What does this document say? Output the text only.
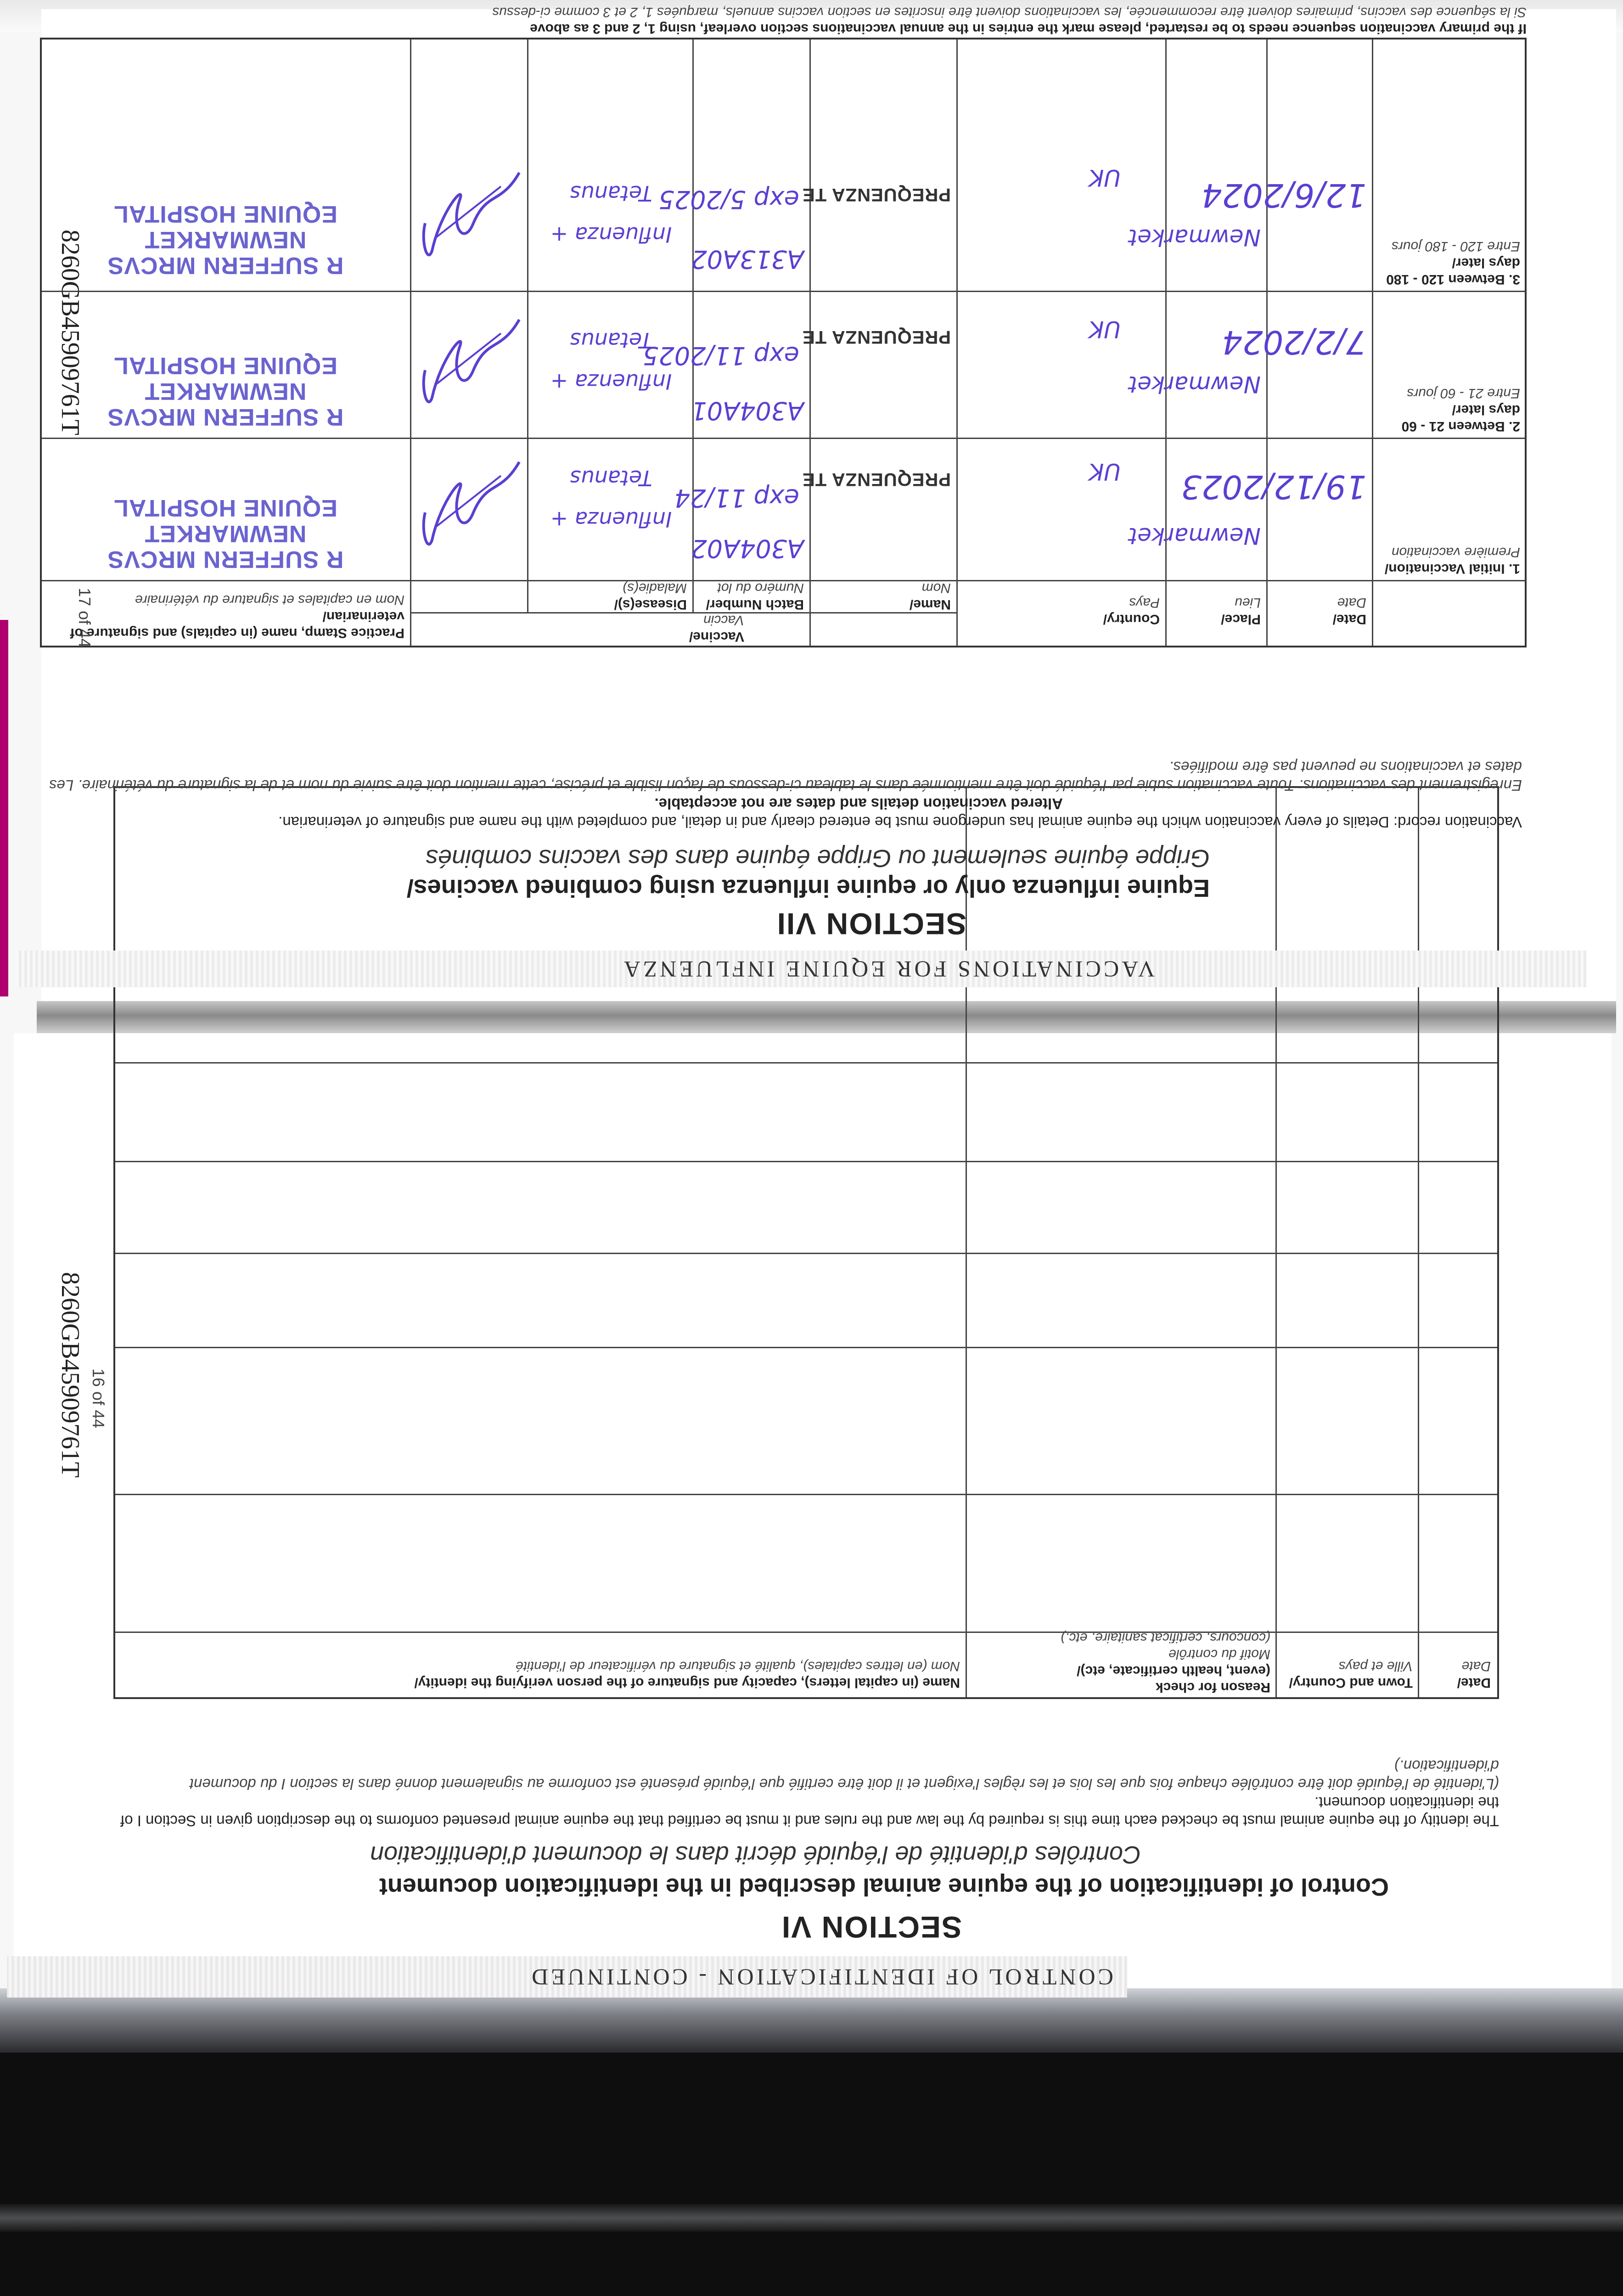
CONTROL OF IDENTIFICATION - CONTINUED
SECTION VI
Control of identification of the equine animal described in the identification document
Contrôles d'identité de l'équidé décrit dans le document d'identification
The identity of the equine animal must be checked each time this is required by the law and the rules and it must be certified that the equine animal presented conforms to the description given in Section I of the identification document.
(L'identité de l'équidé doit être contrôlée chaque fois que les lois et les règles l'exigent et il doit être certifié que l'équidé présenté est conforme au signalement donné dans la section I du document d'identification.)
Date/
Date
Town and Country/
Ville et pays
Reason for check
(event, health certificate, etc)/
Motif du contrôle
(concours, certificat sanitaire, etc.)
Name (in capital letters), capacity and signature of the person verifying the identity/
Nom (en lettres capitales), qualité et signature du vérificateur de l'identité
8260GB45909761T 16 of 44
VACCINATIONS FOR EQUINE INFLUENZA
SECTION VII
Equine influenza only or equine influenza using combined vaccines/
Grippe équine seulement ou Grippe équine dans des vaccins combinés
Vaccination record: Details of every vaccination which the equine animal has undergone must be entered clearly and in detail, and completed with the name and signature of veterinarian.
Altered vaccination details and dates are not acceptable.
Enregistrement des vaccinations: Toute vaccination subie par l'équidé doit être mentionnée dans le tableau ci-dessous de façon lisible et précise; cette mention doit être suivie du nom et de la signature du vétérinaire. Les dates et vaccinations ne peuvent pas être modifiées.
Date/
Date
Place/
Lieu
Country/
Pays
Vaccine/
Vaccin
Name/
Nom
Batch Number/
Numéro du lot
Disease(s)/
Maladie(s)
Practice Stamp, name (in capitals) and signature of veterinarian/
Nom en capitales et signature du vétérinaire
1. Initial Vaccination/
Première vaccination
19/12/2023
Newmarket
UK
PREQUENZA TE
A304A02
exp 11/24
Influenza + Tetanus
R SUFFERN MRCVS
NEWMARKET
EQUINE HOSPITAL
2. Between 21 - 60
days later/
Entre 21 - 60 jours
7/2/2024
Newmarket
UK
PREQUENZA TE
A304A01
exp 11/2025
Influenza + Tetanus
R SUFFERN MRCVS
NEWMARKET
EQUINE HOSPITAL
3. Between 120 - 180
days later/
Entre 120 - 180 jours
12/6/2024
Newmarket
UK
PREQUENZA TE
A313A02
exp 5/2025
Influenza + Tetanus
R SUFFERN MRCVS
NEWMARKET
EQUINE HOSPITAL
If the primary vaccination sequence needs to be restarted, please mark the entries in the annual vaccinations section overleaf, using 1, 2 and 3 as above
Si la séquence des vaccins, primaires doivent être recommencée, les vaccinations doivent être inscrites en section vaccins annuels, marquées 1, 2 et 3 comme ci-dessus
8260GB45909761T
17 of 44
